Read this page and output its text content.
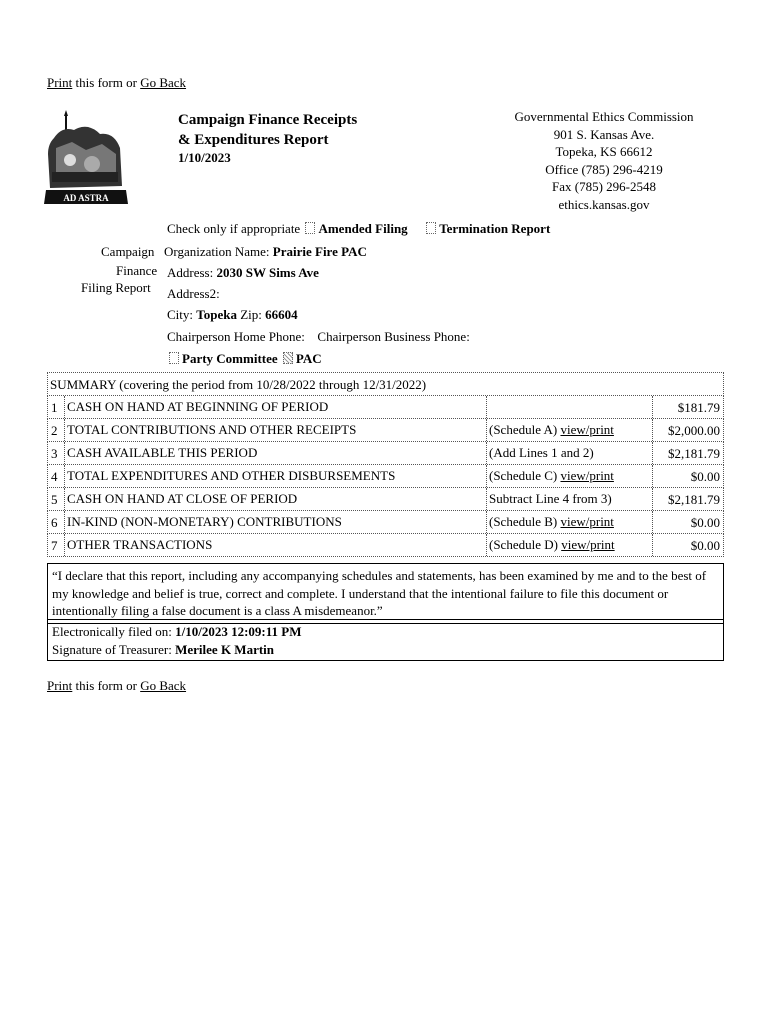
Print this form or Go Back
AD ASTRA
Campaign Finance Receipts
& Expenditures Report
1/10/2023
Governmental Ethics Commission
901 S. Kansas Ave.
Topeka, KS 66612
Office (785) 296-4219
Fax (785) 296-2548
ethics.kansas.gov
Check only if appropriate Amended Filing Termination Report
Campaign
Finance
Filing Report
Organization Name: Prairie Fire PAC
Address: 2030 SW Sims Ave
Address2:
City: Topeka Zip: 66604
Chairperson Home Phone: Chairperson Business Phone:
Party Committee PAC
SUMMARY (covering the period from 10/28/2022 through 12/31/2022)
1 CASH ON HAND AT BEGINNING OF PERIOD	$181.79
2 TOTAL CONTRIBUTIONS AND OTHER RECEIPTS	(Schedule A) view/print	$2,000.00
3 CASH AVAILABLE THIS PERIOD	(Add Lines 1 and 2)	$2,181.79
4 TOTAL EXPENDITURES AND OTHER DISBURSEMENTS	(Schedule C) view/print	$0.00
5 CASH ON HAND AT CLOSE OF PERIOD	Subtract Line 4 from 3)	$2,181.79
6 IN-KIND (NON-MONETARY) CONTRIBUTIONS	(Schedule B) view/print	$0.00
7 OTHER TRANSACTIONS	(Schedule D) view/print	$0.00
“I declare that this report, including any accompanying schedules and statements, has been examined by me and to the best of my knowledge and belief is true, correct and complete. I understand that the intentional failure to file this document or intentionally filing a false document is a class A misdemeanor.”
Electronically filed on: 1/10/2023 12:09:11 PM
Signature of Treasurer: Merilee K Martin
Print this form or Go Back
